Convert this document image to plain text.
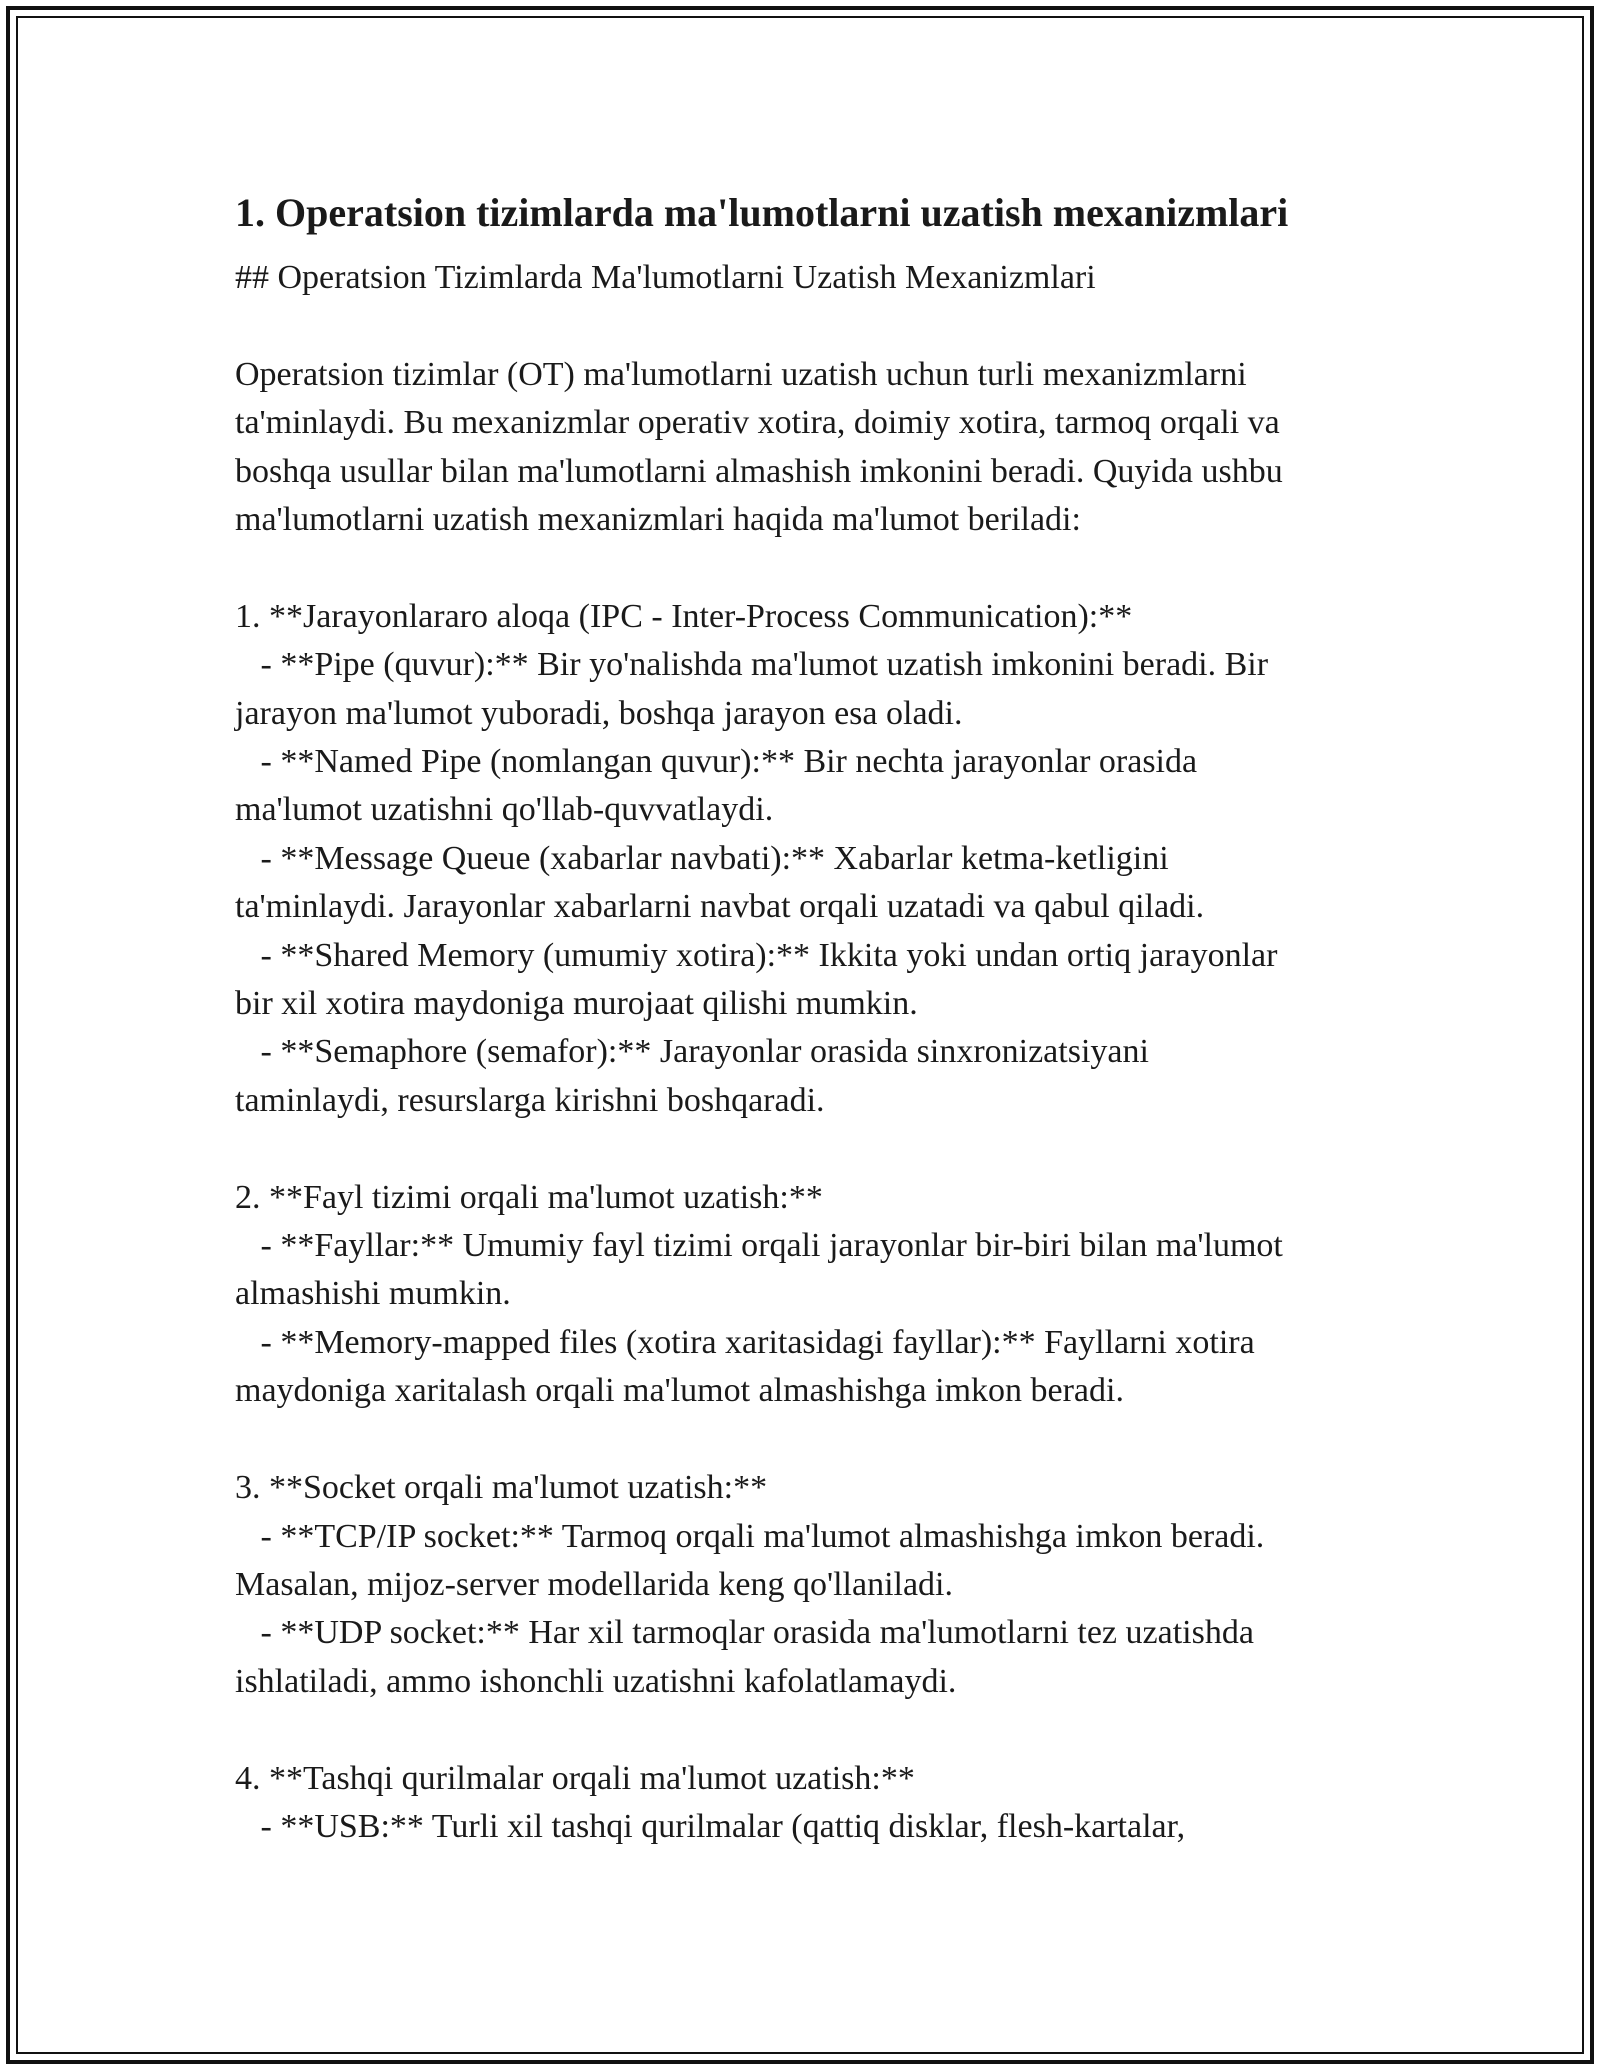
1. Operatsion tizimlarda ma'lumotlarni uzatish mexanizmlari
## Operatsion Tizimlarda Ma'lumotlarni Uzatish Mexanizmlari
Operatsion tizimlar (OT) ma'lumotlarni uzatish uchun turli mexanizmlarni
ta'minlaydi. Bu mexanizmlar operativ xotira, doimiy xotira, tarmoq orqali va
boshqa usullar bilan ma'lumotlarni almashish imkonini beradi. Quyida ushbu
ma'lumotlarni uzatish mexanizmlari haqida ma'lumot beriladi:
1. **Jarayonlararo aloqa (IPC - Inter-Process Communication):**
- **Pipe (quvur):** Bir yo'nalishda ma'lumot uzatish imkonini beradi. Bir
jarayon ma'lumot yuboradi, boshqa jarayon esa oladi.
- **Named Pipe (nomlangan quvur):** Bir nechta jarayonlar orasida
ma'lumot uzatishni qo'llab-quvvatlaydi.
- **Message Queue (xabarlar navbati):** Xabarlar ketma-ketligini
ta'minlaydi. Jarayonlar xabarlarni navbat orqali uzatadi va qabul qiladi.
- **Shared Memory (umumiy xotira):** Ikkita yoki undan ortiq jarayonlar
bir xil xotira maydoniga murojaat qilishi mumkin.
- **Semaphore (semafor):** Jarayonlar orasida sinxronizatsiyani
taminlaydi, resurslarga kirishni boshqaradi.
2. **Fayl tizimi orqali ma'lumot uzatish:**
- **Fayllar:** Umumiy fayl tizimi orqali jarayonlar bir-biri bilan ma'lumot
almashishi mumkin.
- **Memory-mapped files (xotira xaritasidagi fayllar):** Fayllarni xotira
maydoniga xaritalash orqali ma'lumot almashishga imkon beradi.
3. **Socket orqali ma'lumot uzatish:**
- **TCP/IP socket:** Tarmoq orqali ma'lumot almashishga imkon beradi.
Masalan, mijoz-server modellarida keng qo'llaniladi.
- **UDP socket:** Har xil tarmoqlar orasida ma'lumotlarni tez uzatishda
ishlatiladi, ammo ishonchli uzatishni kafolatlamaydi.
4. **Tashqi qurilmalar orqali ma'lumot uzatish:**
- **USB:** Turli xil tashqi qurilmalar (qattiq disklar, flesh-kartalar,
